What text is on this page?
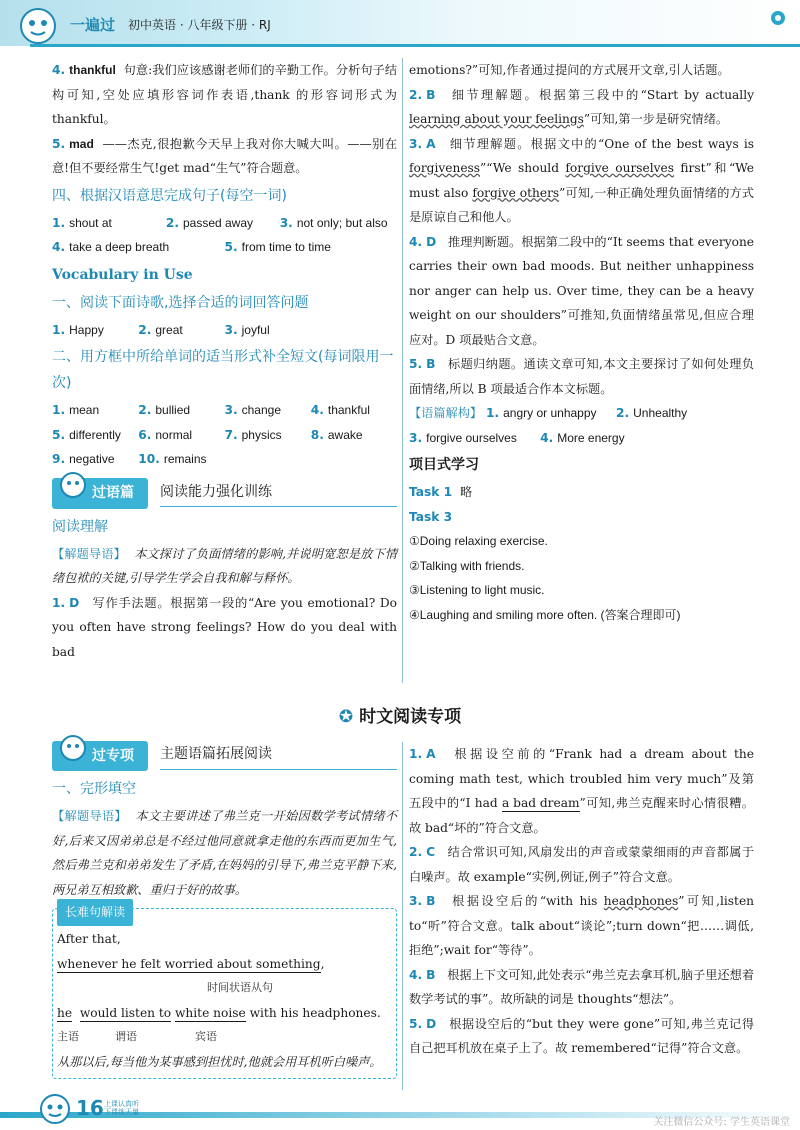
一遍过 初中英语 · 八年级下册 · RJ

4. thankful 句意:我们应该感谢老师们的辛勤工作。分析句子结构可知,空处应填形容词作表语,thank 的形容词形式为 thankful。

5. mad ——杰克,很抱歉今天早上我对你大喊大叫。——别在意!但不要经常生气!get mad“生气”符合题意。

四、根据汉语意思完成句子(每空一词)
1. shout at	2. passed away	3. not only; but also
4. take a deep breath	5. from time to time
Vocabulary in Use
一、阅读下面诗歌,选择合适的词回答问题
1. Happy	2. great	3. joyful
二、用方框中所给单词的适当形式补全短文(每词限用一次)
1. mean	2. bullied	3. change	4. thankful
5. differently	6. normal	7. physics	8. awake
9. negative	10. remains
过语篇	阅读能力强化训练
阅读理解

【解题导语】 本文探讨了负面情绪的影响,并说明宽恕是放下情绪包袱的关键,引导学生学会自我和解与释怀。

1. D 写作手法题。根据第一段的“Are you emotional? Do you often have strong feelings? How do you deal with bad

emotions?”可知,作者通过提问的方式展开文章,引人话题。

2. B 细节理解题。根据第三段中的“Start by actually learning about your feelings”可知,第一步是研究情绪。

3. A 细节理解题。根据文中的“One of the best ways is forgiveness”“We should forgive ourselves first”和“We must also forgive others”可知,一种正确处理负面情绪的方式是原谅自己和他人。

4. D 推理判断题。根据第二段中的“It seems that everyone carries their own bad moods. But neither unhappiness nor anger can help us. Over time, they can be a heavy weight on our shoulders”可推知,负面情绪虽常见,但应合理应对。D 项最贴合文意。

5. B 标题归纳题。通读文章可知,本文主要探讨了如何处理负面情绪,所以 B 项最适合作本文标题。

【语篇解构】 1. angry or unhappy	2. Unhealthy
3. forgive ourselves	4. More energy
项目式学习

Task 1 略

Task 3

①Doing relaxing exercise.

②Talking with friends.

③Listening to light music.

④Laughing and smiling more often. (答案合理即可)

✪ 时文阅读专项
过专项	主题语篇拓展阅读
一、完形填空

【解题导语】 本文主要讲述了弗兰克一开始因数学考试情绪不好,后来又因弟弟总是不经过他同意就拿走他的东西而更加生气,然后弗兰克和弟弟发生了矛盾,在妈妈的引导下,弗兰克平静下来,两兄弟互相致歉、重归于好的故事。

长难句解读
After that, whenever he felt worried about something,
时间状语从句
he would listen to white noise with his headphones.
主语	谓语	宾语
从那以后,每当他为某事感到担忧时,他就会用耳机听白噪声。

1. A 根据设空前的“Frank had a dream about the coming math test, which troubled him very much”及第五段中的“I had a bad dream”可知,弗兰克醒来时心情很糟。故 bad“坏的”符合文意。

2. C 结合常识可知,风扇发出的声音或蒙蒙细雨的声音都属于白噪声。故 example“实例,例证,例子”符合文意。

3. B 根据设空后的“with his headphones”可知,listen to“听”符合文意。talk about“谈论”;turn down“把……调低,拒绝”;wait for“等待”。

4. B 根据上下文可知,此处表示“弗兰克去拿耳机,脑子里还想着数学考试的事”。故所缺的词是 thoughts“想法”。

5. D 根据设空后的“but they were gone”可知,弗兰克记得自己把耳机放在桌子上了。故 remembered“记得”符合文意。

16 上课认真听
下课练天量
关注微信公众号: 学生英语课堂
